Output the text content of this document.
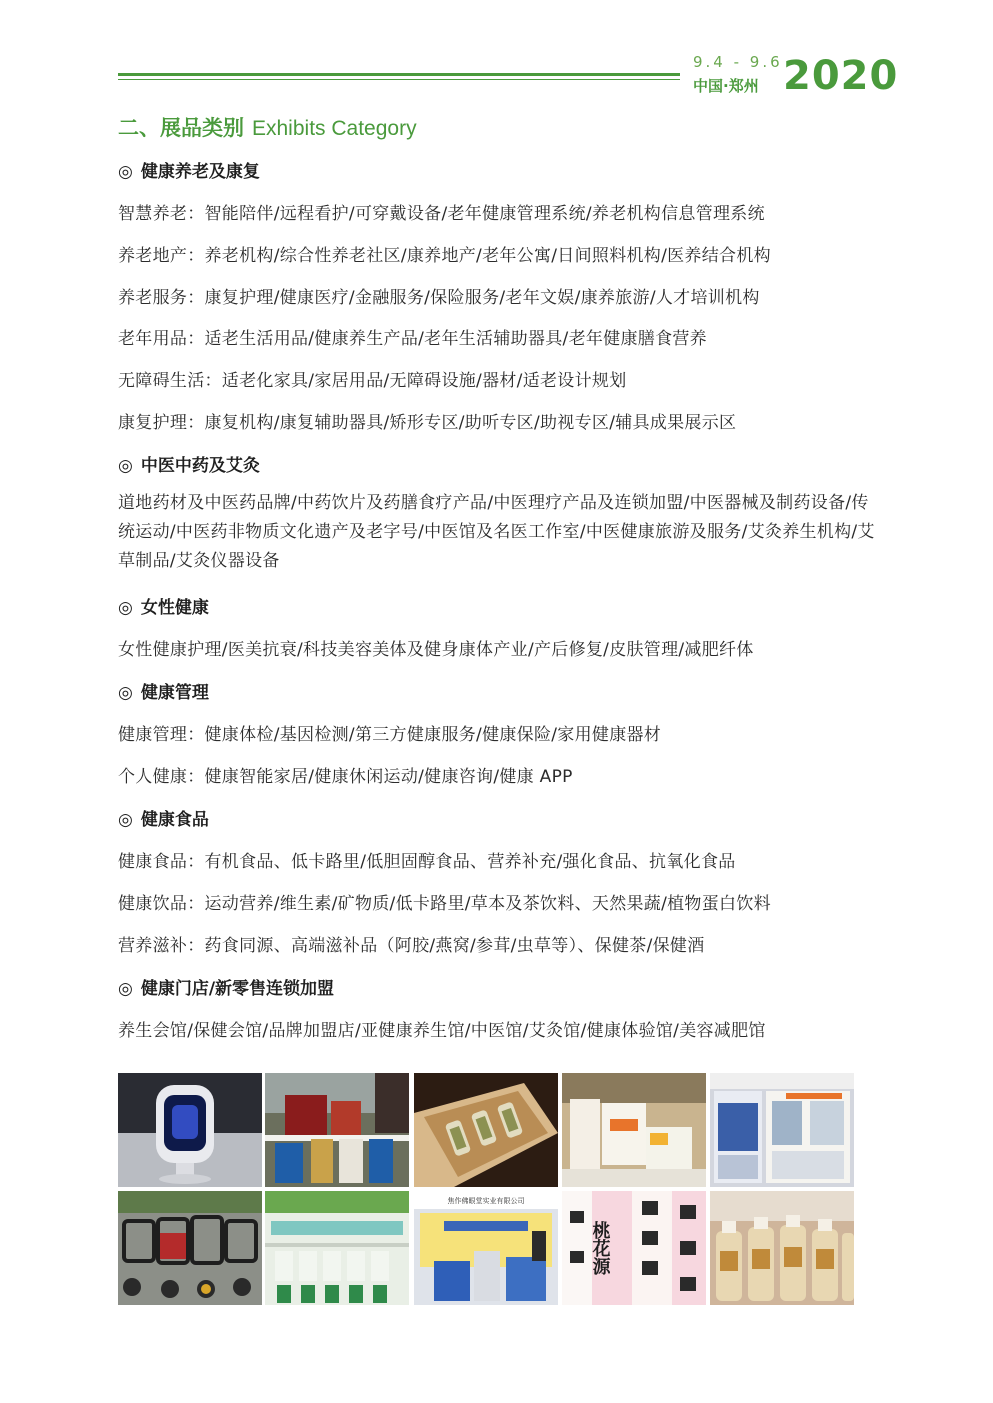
9.4 - 9.6
中国·郑州 2020
二、展品类别 Exhibits Category
◎ 健康养老及康复
智慧养老：智能陪伴/远程看护/可穿戴设备/老年健康管理系统/养老机构信息管理系统
养老地产：养老机构/综合性养老社区/康养地产/老年公寓/日间照料机构/医养结合机构
养老服务：康复护理/健康医疗/金融服务/保险服务/老年文娱/康养旅游/人才培训机构
老年用品：适老生活用品/健康养生产品/老年生活辅助器具/老年健康膳食营养
无障碍生活：适老化家具/家居用品/无障碍设施/器材/适老设计规划
康复护理：康复机构/康复辅助器具/矫形专区/助听专区/助视专区/辅具成果展示区
◎ 中医中药及艾灸
道地药材及中医药品牌/中药饮片及药膳食疗产品/中医理疗产品及连锁加盟/中医器械及制药设备/传统运动/中医药非物质文化遗产及老字号/中医馆及名医工作室/中医健康旅游及服务/艾灸养生机构/艾草制品/艾灸仪器设备
◎ 女性健康
女性健康护理/医美抗衰/科技美容美体及健身康体产业/产后修复/皮肤管理/减肥纤体
◎ 健康管理
健康管理：健康体检/基因检测/第三方健康服务/健康保险/家用健康器材
个人健康：健康智能家居/健康休闲运动/健康咨询/健康 APP
◎ 健康食品
健康食品：有机食品、低卡路里/低胆固醇食品、营养补充/强化食品、抗氧化食品
健康饮品：运动营养/维生素/矿物质/低卡路里/草本及茶饮料、天然果蔬/植物蛋白饮料
营养滋补：药食同源、高端滋补品（阿胶/燕窝/参茸/虫草等）、保健茶/保健酒
◎ 健康门店/新零售连锁加盟
养生会馆/保健会馆/品牌加盟店/亚健康养生馆/中医馆/艾灸馆/健康体验馆/美容减肥馆
焦作佛眼堂实业有限公司
桃花源
